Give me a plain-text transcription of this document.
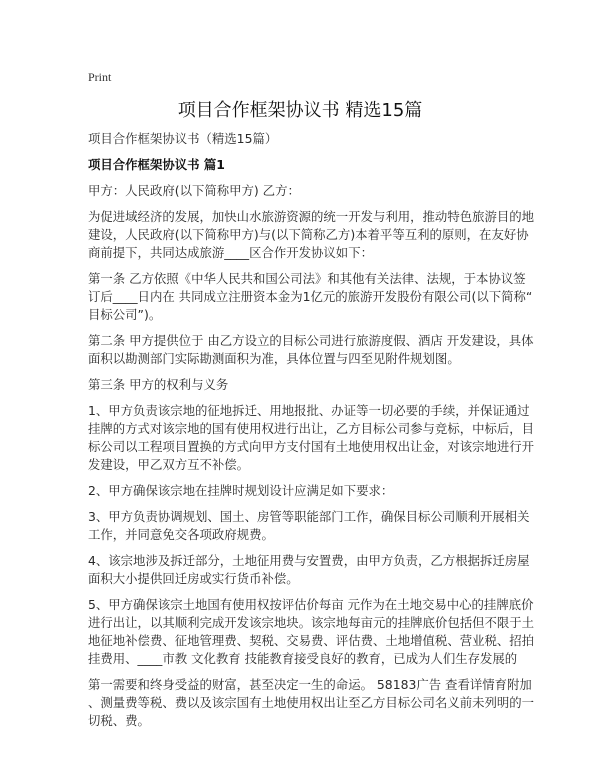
Print
项目合作框架协议书 精选15篇
项目合作框架协议书（精选15篇）
项目合作框架协议书 篇1
甲方：人民政府(以下简称甲方) 乙方：
为促进域经济的发展，加快山水旅游资源的统一开发与利用，推动特色旅游目的地
建设，人民政府(以下简称甲方)与(以下简称乙方)本着平等互利的原则，在友好协
商前提下，共同达成旅游____区合作开发协议如下：
第一条 乙方依照《中华人民共和国公司法》和其他有关法律、法规，于本协议签
订后____日内在 共同成立注册资本金为1亿元的旅游开发股份有限公司(以下简称“
目标公司”)。
第二条 甲方提供位于 由乙方设立的目标公司进行旅游度假、酒店 开发建设，具体
面积以勘测部门实际勘测面积为准，具体位置与四至见附件规划图。
第三条 甲方的权利与义务
1、甲方负责该宗地的征地拆迁、用地报批、办证等一切必要的手续，并保证通过
挂牌的方式对该宗地的国有使用权进行出让，乙方目标公司参与竞标，中标后，目
标公司以工程项目置换的方式向甲方支付国有土地使用权出让金，对该宗地进行开
发建设，甲乙双方互不补偿。
2、甲方确保该宗地在挂牌时规划设计应满足如下要求：
3、甲方负责协调规划、国土、房管等职能部门工作，确保目标公司顺利开展相关
工作，并同意免交各项政府规费。
4、该宗地涉及拆迁部分，土地征用费与安置费，由甲方负责，乙方根据拆迁房屋
面积大小提供回迁房或实行货币补偿。
5、甲方确保该宗土地国有使用权按评估价每亩 元作为在土地交易中心的挂牌底价
进行出让，以其顺利完成开发该宗地块。该宗地每亩元的挂牌底价包括但不限于土
地征地补偿费、征地管理费、契税、交易费、评估费、土地增值税、营业税、招拍
挂费用、____市教 文化教育 技能教育接受良好的教育，已成为人们生存发展的
第一需要和终身受益的财富，甚至决定一生的命运。 58183广告 查看详情育附加
、测量费等税、费以及该宗国有土地使用权出让至乙方目标公司名义前未列明的一
切税、费。
